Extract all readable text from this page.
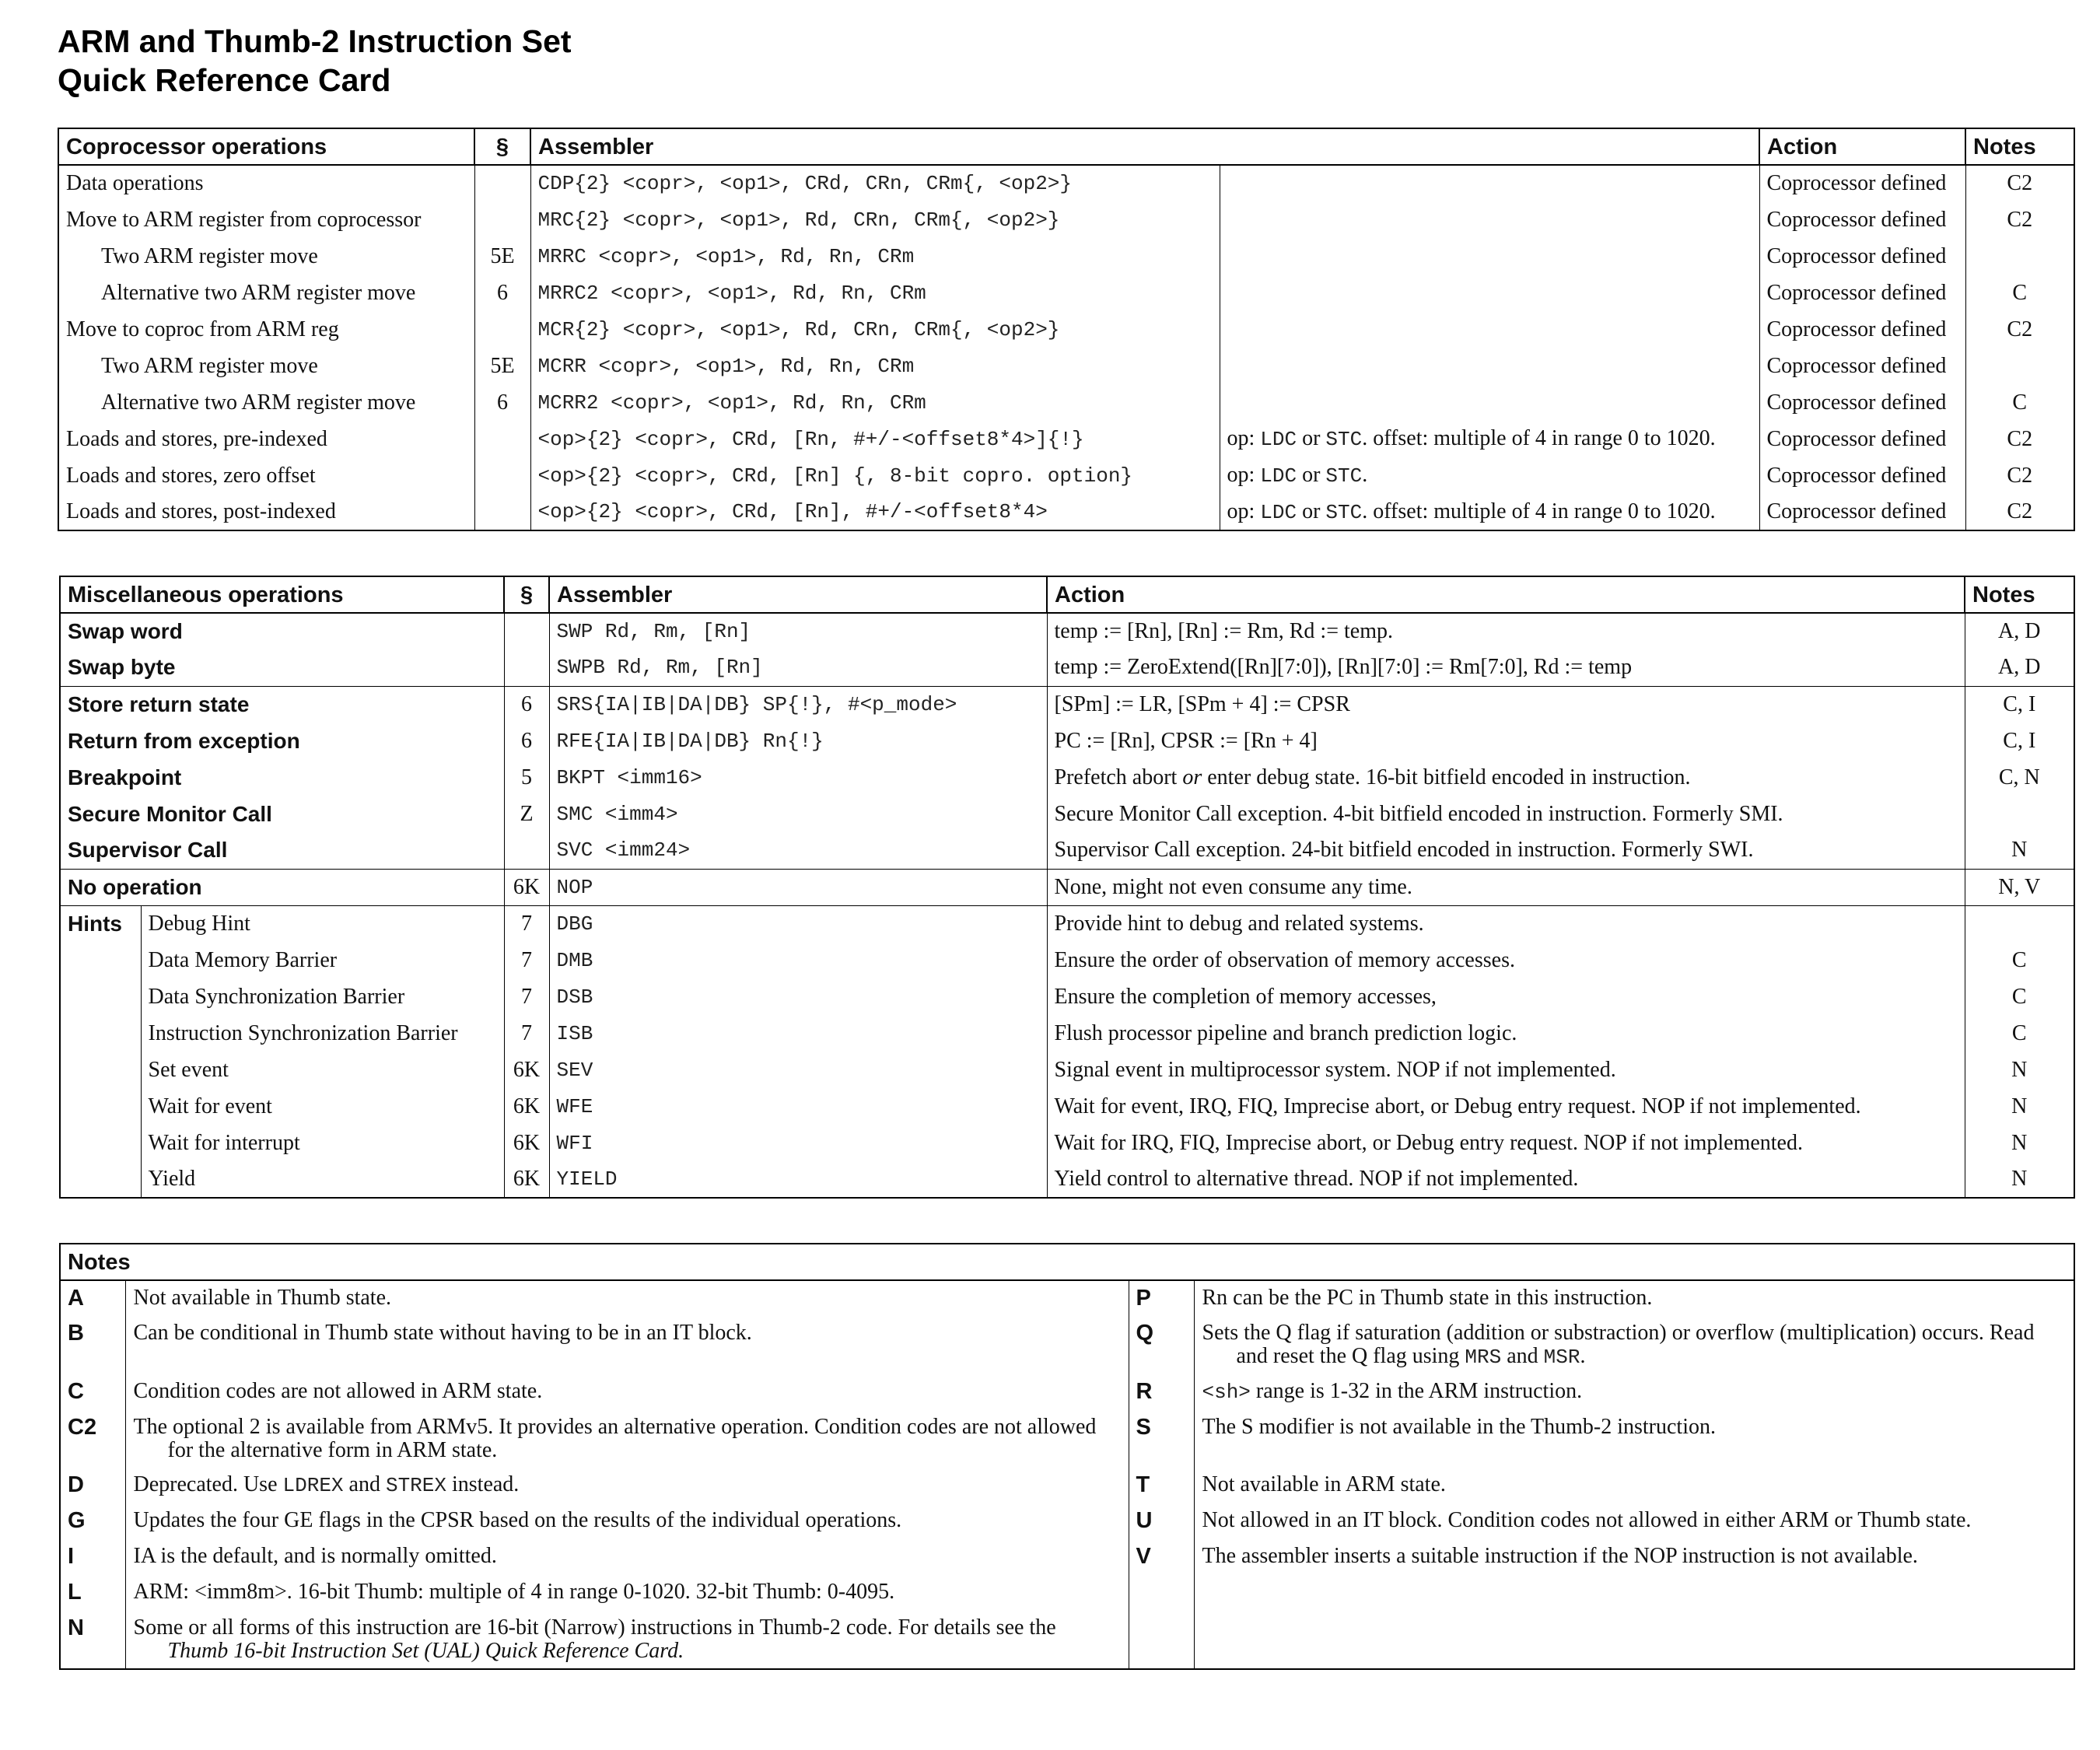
ARM and Thumb-2 Instruction Set
Quick Reference Card
Coprocessor operations	§	Assembler		Action	Notes
Data operations		CDP{2} <copr>, <op1>, CRd, CRn, CRm{, <op2>}		Coprocessor defined	C2
Move to ARM register from coprocessor		MRC{2} <copr>, <op1>, Rd, CRn, CRm{, <op2>}		Coprocessor defined	C2
Two ARM register move	5E	MRRC <copr>, <op1>, Rd, Rn, CRm		Coprocessor defined	
Alternative two ARM register move	6	MRRC2 <copr>, <op1>, Rd, Rn, CRm		Coprocessor defined	C
Move to coproc from ARM reg		MCR{2} <copr>, <op1>, Rd, CRn, CRm{, <op2>}		Coprocessor defined	C2
Two ARM register move	5E	MCRR <copr>, <op1>, Rd, Rn, CRm		Coprocessor defined	
Alternative two ARM register move	6	MCRR2 <copr>, <op1>, Rd, Rn, CRm		Coprocessor defined	C
Loads and stores, pre-indexed		<op>{2} <copr>, CRd, [Rn, #+/-<offset8*4>]{!}	op: LDC or STC. offset: multiple of 4 in range 0 to 1020.	Coprocessor defined	C2
Loads and stores, zero offset		<op>{2} <copr>, CRd, [Rn] {, 8-bit copro. option}	op: LDC or STC.	Coprocessor defined	C2
Loads and stores, post-indexed		<op>{2} <copr>, CRd, [Rn], #+/-<offset8*4>	op: LDC or STC. offset: multiple of 4 in range 0 to 1020.	Coprocessor defined	C2
Miscellaneous operations		§	Assembler	Action	Notes
Swap word			SWP Rd, Rm, [Rn]	temp := [Rn], [Rn] := Rm, Rd := temp.	A, D
Swap byte			SWPB Rd, Rm, [Rn]	temp := ZeroExtend([Rn][7:0]), [Rn][7:0] := Rm[7:0], Rd := temp	A, D
Store return state		6	SRS{IA|IB|DA|DB} SP{!}, #<p_mode>	[SPm] := LR, [SPm + 4] := CPSR	C, I
Return from exception		6	RFE{IA|IB|DA|DB} Rn{!}	PC := [Rn], CPSR := [Rn + 4]	C, I
Breakpoint		5	BKPT <imm16>	Prefetch abort or enter debug state. 16-bit bitfield encoded in instruction.	C, N
Secure Monitor Call		Z	SMC <imm4>	Secure Monitor Call exception. 4-bit bitfield encoded in instruction. Formerly SMI.	
Supervisor Call			SVC <imm24>	Supervisor Call exception. 24-bit bitfield encoded in instruction. Formerly SWI.	N
No operation		6K	NOP	None, might not even consume any time.	N, V
Hints	Debug Hint	7	DBG	Provide hint to debug and related systems.	
	Data Memory Barrier	7	DMB	Ensure the order of observation of memory accesses.	C
	Data Synchronization Barrier	7	DSB	Ensure the completion of memory accesses,	C
	Instruction Synchronization Barrier	7	ISB	Flush processor pipeline and branch prediction logic.	C
	Set event	6K	SEV	Signal event in multiprocessor system. NOP if not implemented.	N
	Wait for event	6K	WFE	Wait for event, IRQ, FIQ, Imprecise abort, or Debug entry request. NOP if not implemented.	N
	Wait for interrupt	6K	WFI	Wait for IRQ, FIQ, Imprecise abort, or Debug entry request. NOP if not implemented.	N
	Yield	6K	YIELD	Yield control to alternative thread. NOP if not implemented.	N
Notes			
A	Not available in Thumb state.	P	Rn can be the PC in Thumb state in this instruction.
B	Can be conditional in Thumb state without having to be in an IT block.	Q	Sets the Q flag if saturation (addition or substraction) or overflow (multiplication) occurs. Read and reset the Q flag using MRS and MSR.
C	Condition codes are not allowed in ARM state.	R	<sh> range is 1-32 in the ARM instruction.
C2	The optional 2 is available from ARMv5. It provides an alternative operation. Condition codes are not allowed for the alternative form in ARM state.	S	The S modifier is not available in the Thumb-2 instruction.
D	Deprecated. Use LDREX and STREX instead.	T	Not available in ARM state.
G	Updates the four GE flags in the CPSR based on the results of the individual operations.	U	Not allowed in an IT block. Condition codes not allowed in either ARM or Thumb state.
I	IA is the default, and is normally omitted.	V	The assembler inserts a suitable instruction if the NOP instruction is not available.
L	ARM: <imm8m>. 16-bit Thumb: multiple of 4 in range 0-1020. 32-bit Thumb: 0-4095.		
N	Some or all forms of this instruction are 16-bit (Narrow) instructions in Thumb-2 code. For details see the Thumb 16-bit Instruction Set (UAL) Quick Reference Card.		
